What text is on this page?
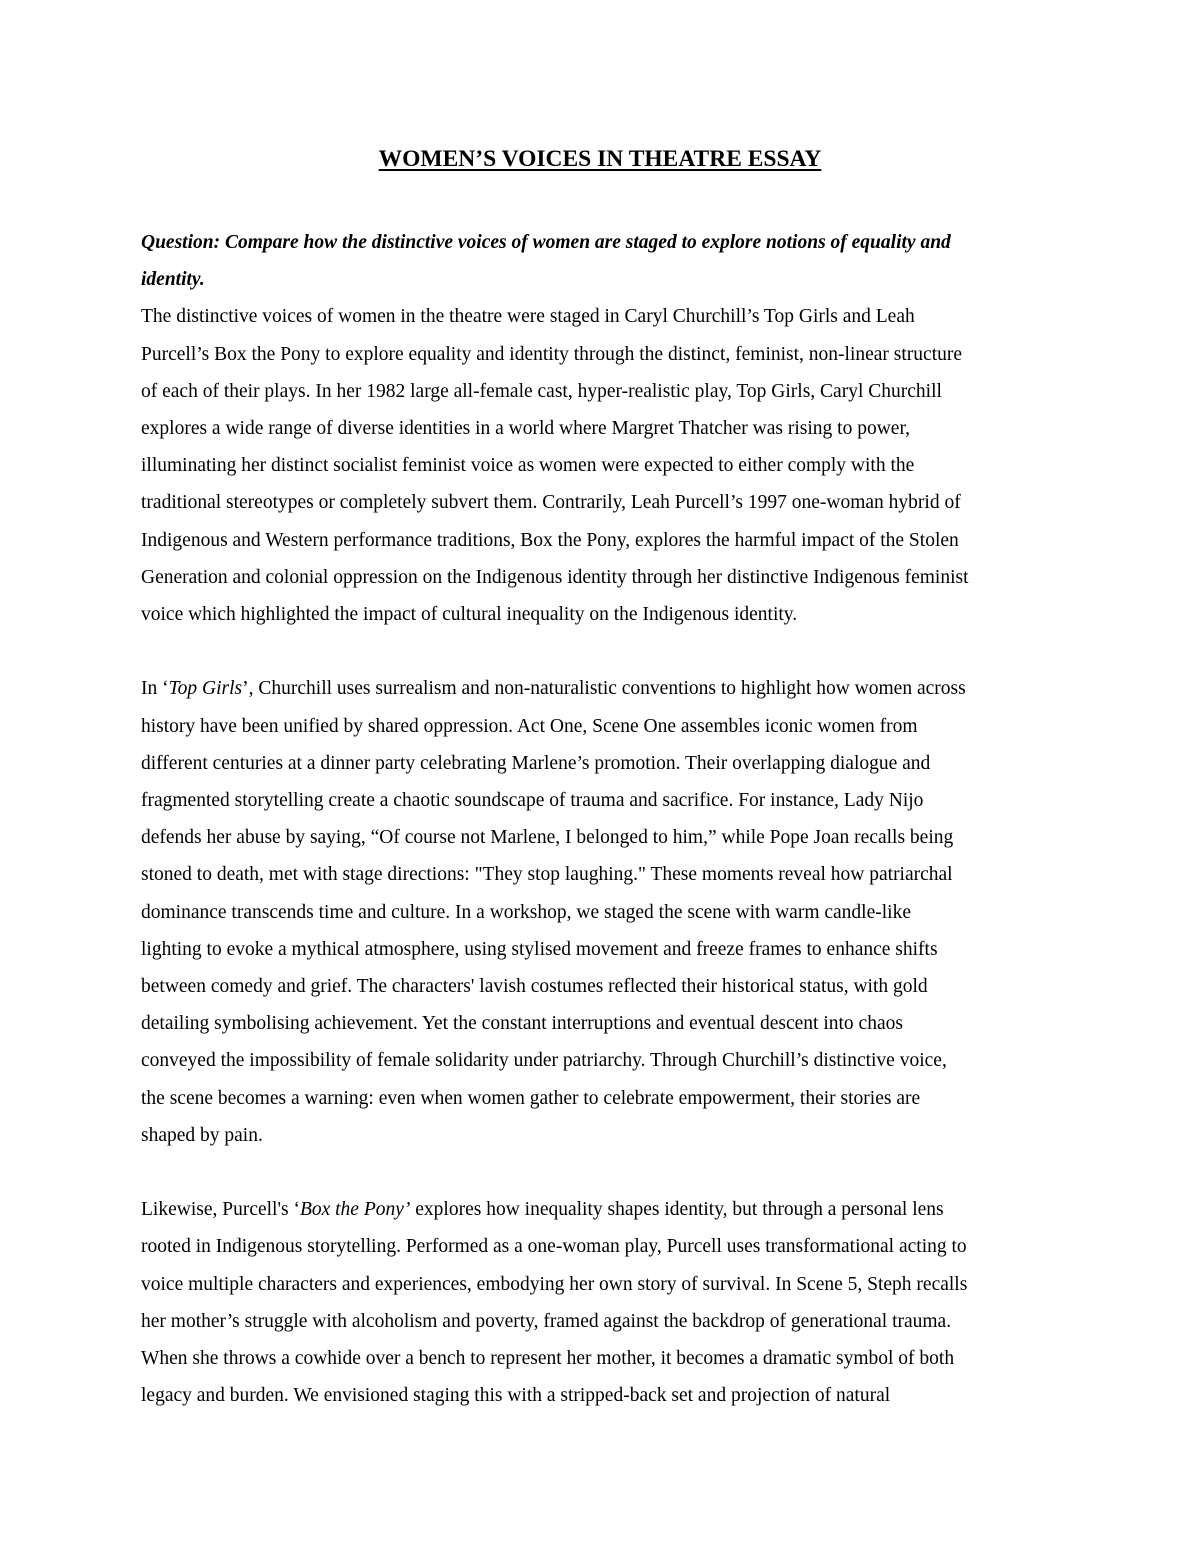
WOMEN’S VOICES IN THEATRE ESSAY

Question: Compare how the distinctive voices of women are staged to explore notions of equality and
identity.

The distinctive voices of women in the theatre were staged in Caryl Churchill’s Top Girls and Leah
Purcell’s Box the Pony to explore equality and identity through the distinct, feminist, non-linear structure
of each of their plays. In her 1982 large all-female cast, hyper-realistic play, Top Girls, Caryl Churchill
explores a wide range of diverse identities in a world where Margret Thatcher was rising to power,
illuminating her distinct socialist feminist voice as women were expected to either comply with the
traditional stereotypes or completely subvert them. Contrarily, Leah Purcell’s 1997 one-woman hybrid of
Indigenous and Western performance traditions, Box the Pony, explores the harmful impact of the Stolen
Generation and colonial oppression on the Indigenous identity through her distinctive Indigenous feminist
voice which highlighted the impact of cultural inequality on the Indigenous identity.

In ‘Top Girls’, Churchill uses surrealism and non-naturalistic conventions to highlight how women across
history have been unified by shared oppression. Act One, Scene One assembles iconic women from
different centuries at a dinner party celebrating Marlene’s promotion. Their overlapping dialogue and
fragmented storytelling create a chaotic soundscape of trauma and sacrifice. For instance, Lady Nijo
defends her abuse by saying, “Of course not Marlene, I belonged to him,” while Pope Joan recalls being
stoned to death, met with stage directions: "They stop laughing." These moments reveal how patriarchal
dominance transcends time and culture. In a workshop, we staged the scene with warm candle-like
lighting to evoke a mythical atmosphere, using stylised movement and freeze frames to enhance shifts
between comedy and grief. The characters' lavish costumes reflected their historical status, with gold
detailing symbolising achievement. Yet the constant interruptions and eventual descent into chaos
conveyed the impossibility of female solidarity under patriarchy. Through Churchill’s distinctive voice,
the scene becomes a warning: even when women gather to celebrate empowerment, their stories are
shaped by pain.

Likewise, Purcell's ‘Box the Pony’ explores how inequality shapes identity, but through a personal lens
rooted in Indigenous storytelling. Performed as a one-woman play, Purcell uses transformational acting to
voice multiple characters and experiences, embodying her own story of survival. In Scene 5, Steph recalls
her mother’s struggle with alcoholism and poverty, framed against the backdrop of generational trauma.
When she throws a cowhide over a bench to represent her mother, it becomes a dramatic symbol of both
legacy and burden. We envisioned staging this with a stripped-back set and projection of natural
